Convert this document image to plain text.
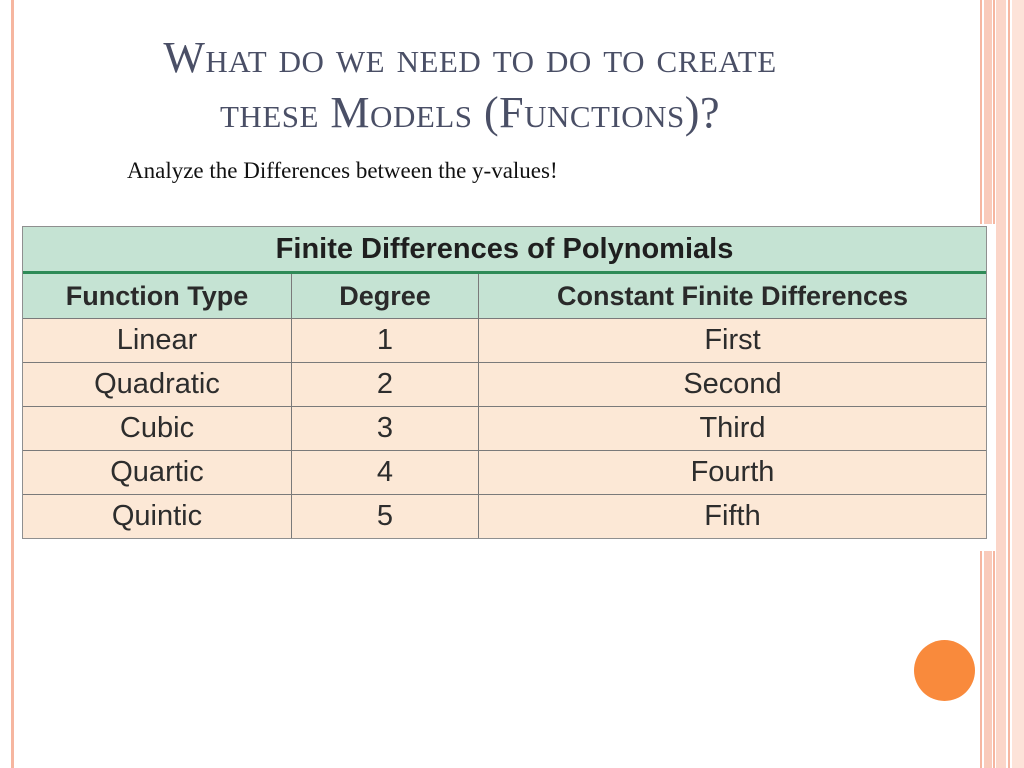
What do we need to do to create
these Models (Functions)?
Analyze the Differences between the y-values!
Finite Differences of Polynomials		
Function Type	Degree	Constant Finite Differences
Linear	1	First
Quadratic	2	Second
Cubic	3	Third
Quartic	4	Fourth
Quintic	5	Fifth
